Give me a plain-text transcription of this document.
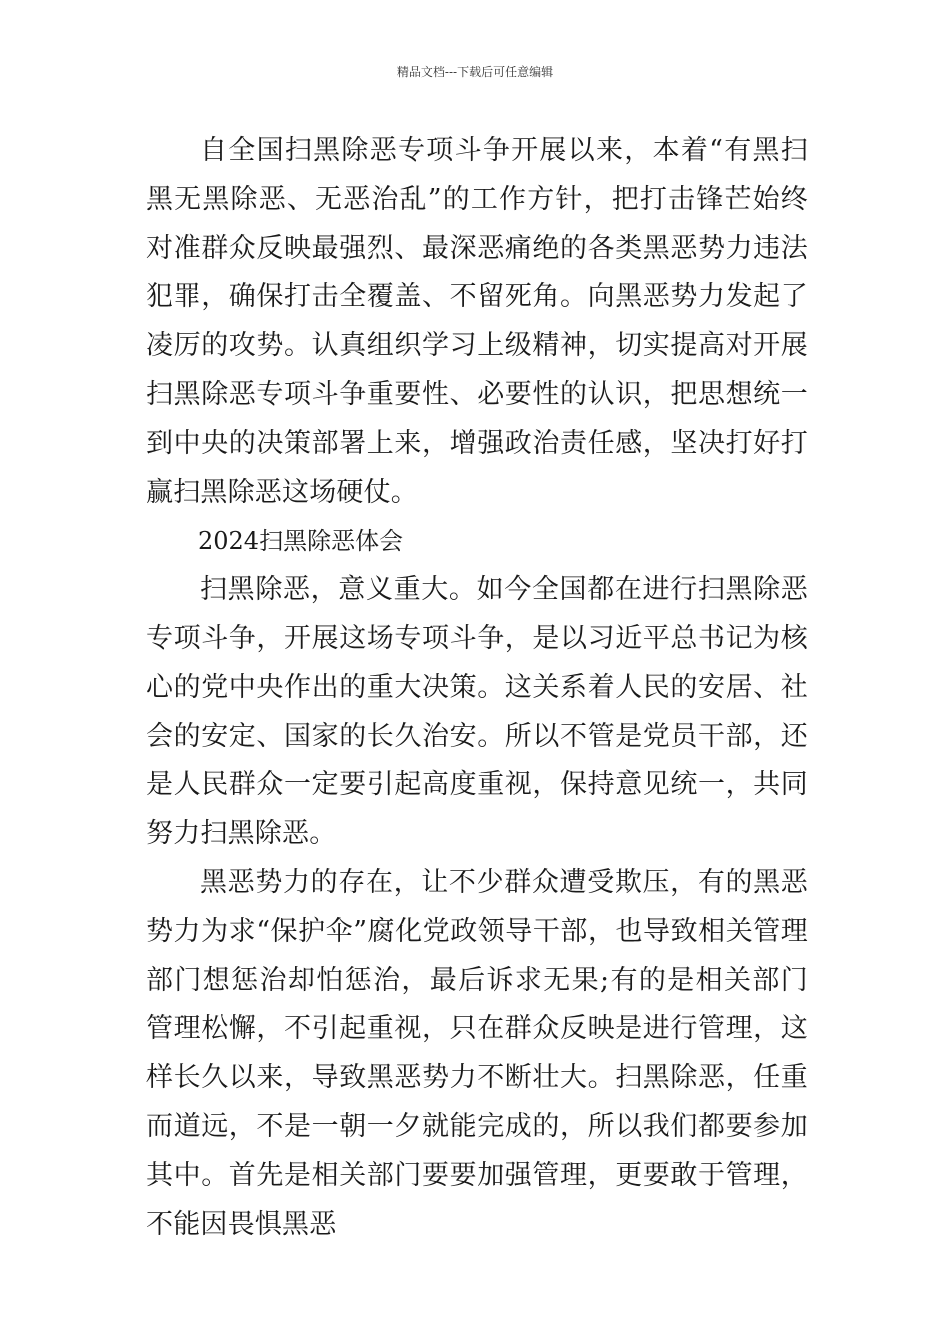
精品文档---下载后可任意编辑

自全国扫黑除恶专项斗争开展以来，本着“有黑扫黑无黑除恶、无恶治乱”的工作方针，把打击锋芒始终对准群众反映最强烈、最深恶痛绝的各类黑恶势力违法犯罪，确保打击全覆盖、不留死角。向黑恶势力发起了凌厉的攻势。认真组织学习上级精神，切实提高对开展扫黑除恶专项斗争重要性、必要性的认识，把思想统一到中央的决策部署上来，增强政治责任感，坚决打好打赢扫黑除恶这场硬仗。

2024扫黑除恶体会

扫黑除恶，意义重大。如今全国都在进行扫黑除恶专项斗争，开展这场专项斗争，是以习近平总书记为核心的党中央作出的重大决策。这关系着人民的安居、社会的安定、国家的长久治安。所以不管是党员干部，还是人民群众一定要引起高度重视，保持意见统一，共同努力扫黑除恶。

黑恶势力的存在，让不少群众遭受欺压，有的黑恶势力为求“保护伞”腐化党政领导干部，也导致相关管理部门想惩治却怕惩治，最后诉求无果;有的是相关部门管理松懈，不引起重视，只在群众反映是进行管理，这样长久以来，导致黑恶势力不断壮大。扫黑除恶，任重而道远，不是一朝一夕就能完成的，所以我们都要参加其中。首先是相关部门要要加强管理，更要敢于管理，不能因畏惧黑恶
